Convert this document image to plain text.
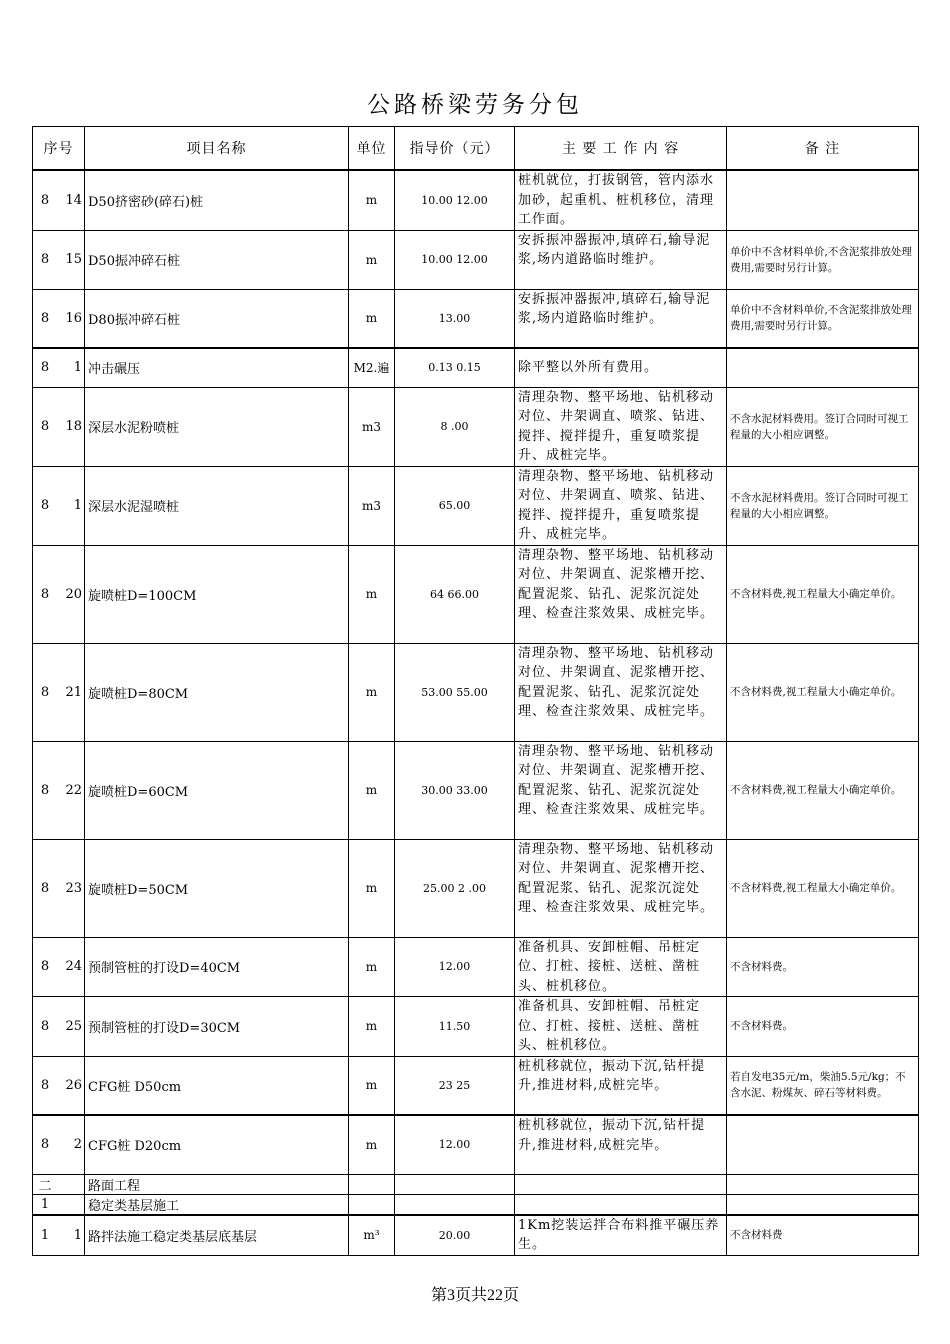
公路桥梁劳务分包
序号	项目名称	单位	指导价（元）	主 要 工 作 内 容	备 注
8 14	D50挤密砂(碎石)桩	m	10.00 12.00	桩机就位，打拔钢管，管内添水加砂，起重机、桩机移位，清理工作面。	
8 15	D50振冲碎石桩	m	10.00 12.00	安拆振冲器振冲,填碎石,输导泥浆,场内道路临时维护。	单价中不含材料单价,不含泥浆排放处理费用,需要时另行计算。
8 16	D80振冲碎石桩	m	13.00	安拆振冲器振冲,填碎石,输导泥浆,场内道路临时维护。	单价中不含材料单价,不含泥浆排放处理费用,需要时另行计算。
8 1	冲击碾压	M2.遍	0.13 0.15	除平整以外所有费用。	
8 18	深层水泥粉喷桩	m3	8 .00	清理杂物、整平场地、钻机移动对位、井架调直、喷浆、钻进、搅拌、搅拌提升，重复喷浆提升、成桩完毕。	不含水泥材料费用。签订合同时可视工程量的大小相应调整。
8 1	深层水泥湿喷桩	m3	65.00	清理杂物、整平场地、钻机移动对位、井架调直、喷浆、钻进、搅拌、搅拌提升，重复喷浆提升、成桩完毕。	不含水泥材料费用。签订合同时可视工程量的大小相应调整。
8 20	旋喷桩D=100CM	m	64 66.00	清理杂物、整平场地、钻机移动对位、井架调直、泥浆槽开挖、配置泥浆、钻孔、泥浆沉淀处理、检查注浆效果、成桩完毕。	不含材料费,视工程量大小确定单价。
8 21	旋喷桩D=80CM	m	53.00 55.00	清理杂物、整平场地、钻机移动对位、井架调直、泥浆槽开挖、配置泥浆、钻孔、泥浆沉淀处理、检查注浆效果、成桩完毕。	不含材料费,视工程量大小确定单价。
8 22	旋喷桩D=60CM	m	30.00 33.00	清理杂物、整平场地、钻机移动对位、井架调直、泥浆槽开挖、配置泥浆、钻孔、泥浆沉淀处理、检查注浆效果、成桩完毕。	不含材料费,视工程量大小确定单价。
8 23	旋喷桩D=50CM	m	25.00 2 .00	清理杂物、整平场地、钻机移动对位、井架调直、泥浆槽开挖、配置泥浆、钻孔、泥浆沉淀处理、检查注浆效果、成桩完毕。	不含材料费,视工程量大小确定单价。
8 24	预制管桩的打设D=40CM	m	12.00	准备机具、安卸桩帽、吊桩定位、打桩、接桩、送桩、凿桩头、桩机移位。	不含材料费。
8 25	预制管桩的打设D=30CM	m	11.50	准备机具、安卸桩帽、吊桩定位、打桩、接桩、送桩、凿桩头、桩机移位。	不含材料费。
8 26	CFG桩 D50cm	m	23 25	桩机移就位，振动下沉,钻杆提升,推进材料,成桩完毕。	若自发电35元/m，柴油5.5元/kg；不含水泥、粉煤灰、碎石等材料费。
8 2	CFG桩 D20cm	m	12.00	桩机移就位，振动下沉,钻杆提升,推进材料,成桩完毕。	
二	路面工程				
1	稳定类基层施工				
1 1	路拌法施工稳定类基层底基层	m³	20.00	1Km挖装运拌合布料推平碾压养生。	不含材料费
第3页共22页
